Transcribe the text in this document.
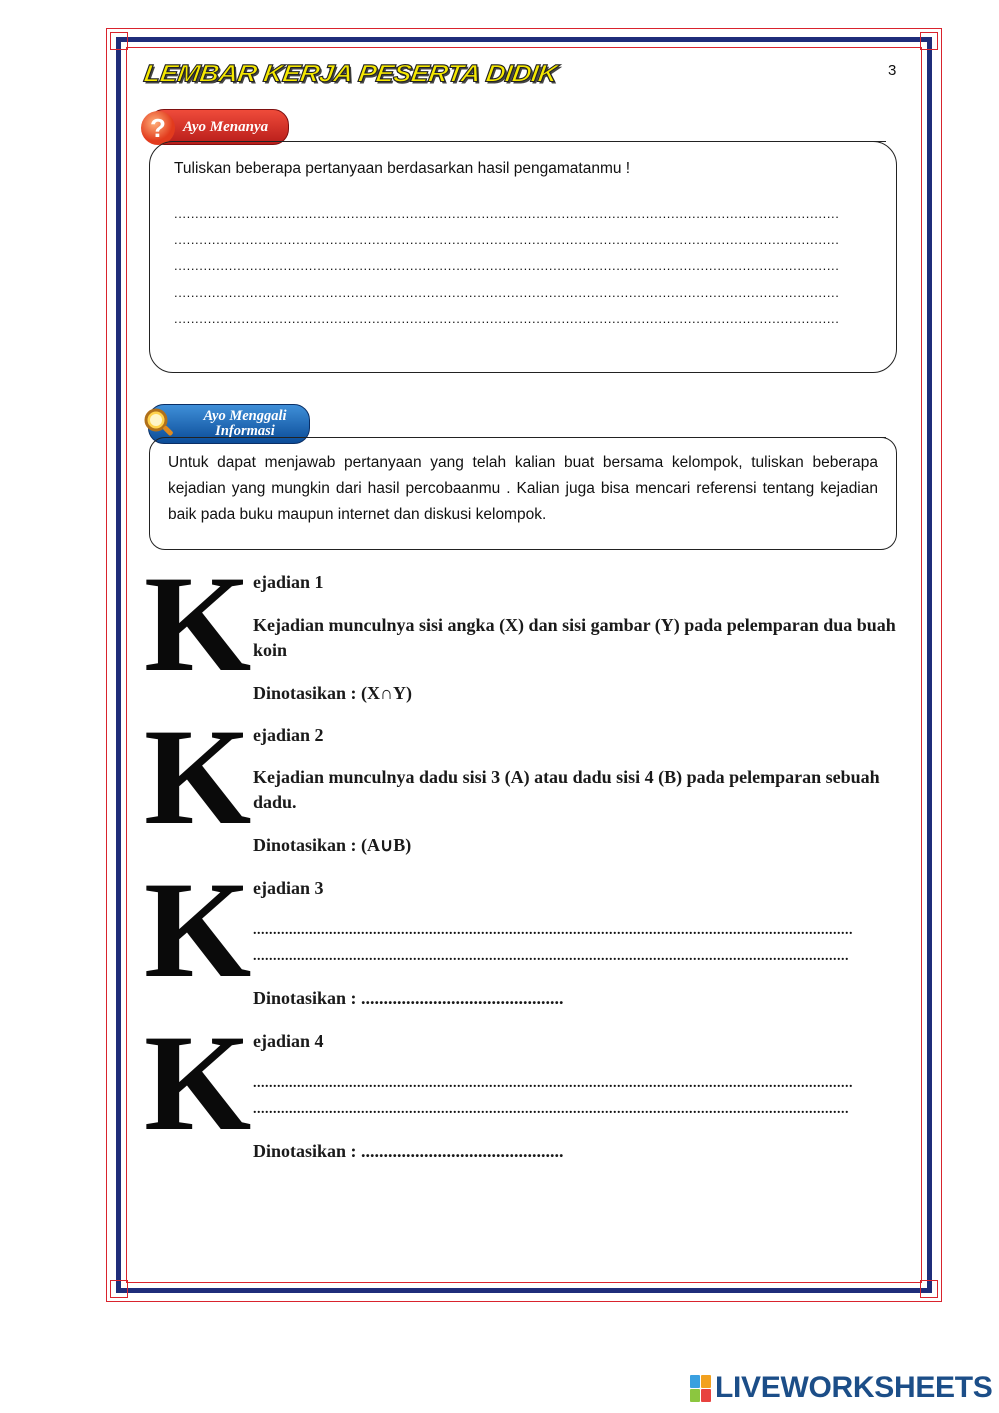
3
LEMBAR KERJA PESERTA DIDIK
?	Ayo Menanya
Tuliskan beberapa pertanyaan berdasarkan hasil pengamatanmu !
..............................................................................................................................................................
..............................................................................................................................................................
..............................................................................................................................................................
..............................................................................................................................................................
..............................................................................................................................................................
Ayo Menggali
Informasi
Untuk dapat menjawab pertanyaan yang telah kalian buat bersama kelompok, tuliskan beberapa kejadian yang mungkin dari hasil percobaanmu . Kalian juga bisa mencari referensi tentang kejadian baik pada buku maupun internet dan diskusi kelompok.
K ejadian 1
Kejadian munculnya sisi angka (X) dan sisi gambar (Y) pada pelemparan dua buah koin
Dinotasikan : (X∩Y)
K ejadian 2
Kejadian munculnya dadu sisi 3 (A) atau dadu sisi 4 (B) pada pelemparan sebuah dadu.
Dinotasikan : (A∪B)
K ejadian 3
......................................................................................................................................................
.....................................................................................................................................................
Dinotasikan : .............................................
K ejadian 4
......................................................................................................................................................
.....................................................................................................................................................
Dinotasikan : .............................................
LIVEWORKSHEETS
